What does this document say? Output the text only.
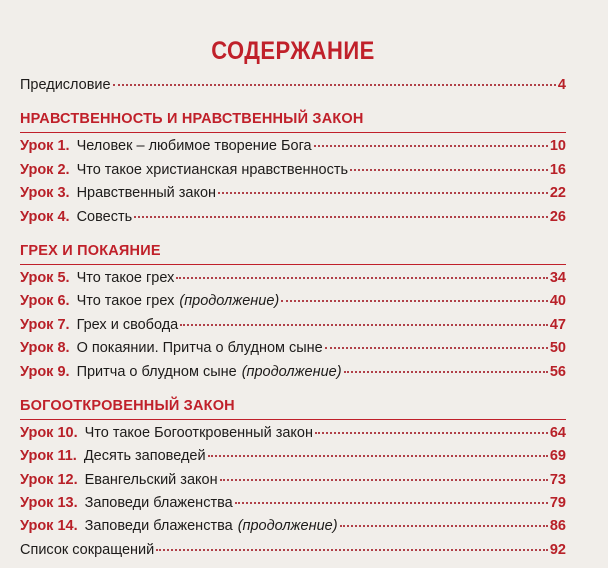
СОДЕРЖАНИЕ
Предисловие	4
НРАВСТВЕННОСТЬ И НРАВСТВЕННЫЙ ЗАКОН
Урок 1. Человек – любимое творение Бога	10
Урок 2. Что такое христианская нравственность	16
Урок 3. Нравственный закон	22
Урок 4. Совесть	26
ГРЕХ И ПОКАЯНИЕ
Урок 5. Что такое грех	34
Урок 6. Что такое грех (продолжение)	40
Урок 7. Грех и свобода	47
Урок 8. О покаянии. Притча о блудном сыне	50
Урок 9. Притча о блудном сыне (продолжение)	56
БОГООТКРОВЕННЫЙ ЗАКОН
Урок 10. Что такое Богооткровенный закон	64
Урок 11. Десять заповедей	69
Урок 12. Евангельский закон	73
Урок 13. Заповеди блаженства	79
Урок 14. Заповеди блаженства (продолжение)	86
Список сокращений	92
